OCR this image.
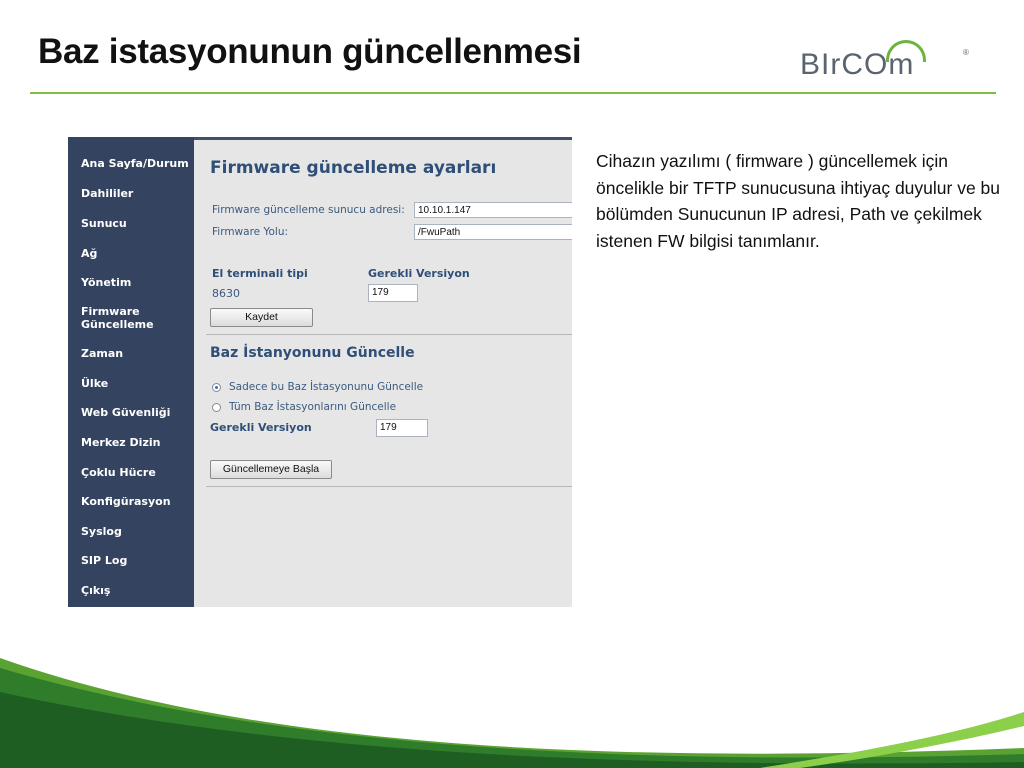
Baz istasyonunun güncellenmesi	BIrCOm	®
Ana Sayfa/Durum
Dahililer
Sunucu
Ağ
Yönetim
Firmware Güncelleme
Zaman
Ülke
Web Güvenliği
Merkez Dizin
Çoklu Hücre
Konfigürasyon
Syslog
SIP Log
Çıkış
Firmware güncelleme ayarları
Firmware güncelleme sunucu adresi:	10.10.1.147
Firmware Yolu:	/FwuPath
El terminali tipi	Gerekli Versiyon
8630	179
Kaydet
Baz İstanyonunu Güncelle
Sadece bu Baz İstasyonunu Güncelle
Tüm Baz İstasyonlarını Güncelle
Gerekli Versiyon	179
Güncellemeye Başla
Cihazın yazılımı ( firmware ) güncellemek için öncelikle bir TFTP sunucusuna ihtiyaç duyulur ve bu bölümden Sunucunun IP adresi, Path ve çekilmek istenen FW bilgisi tanımlanır.
